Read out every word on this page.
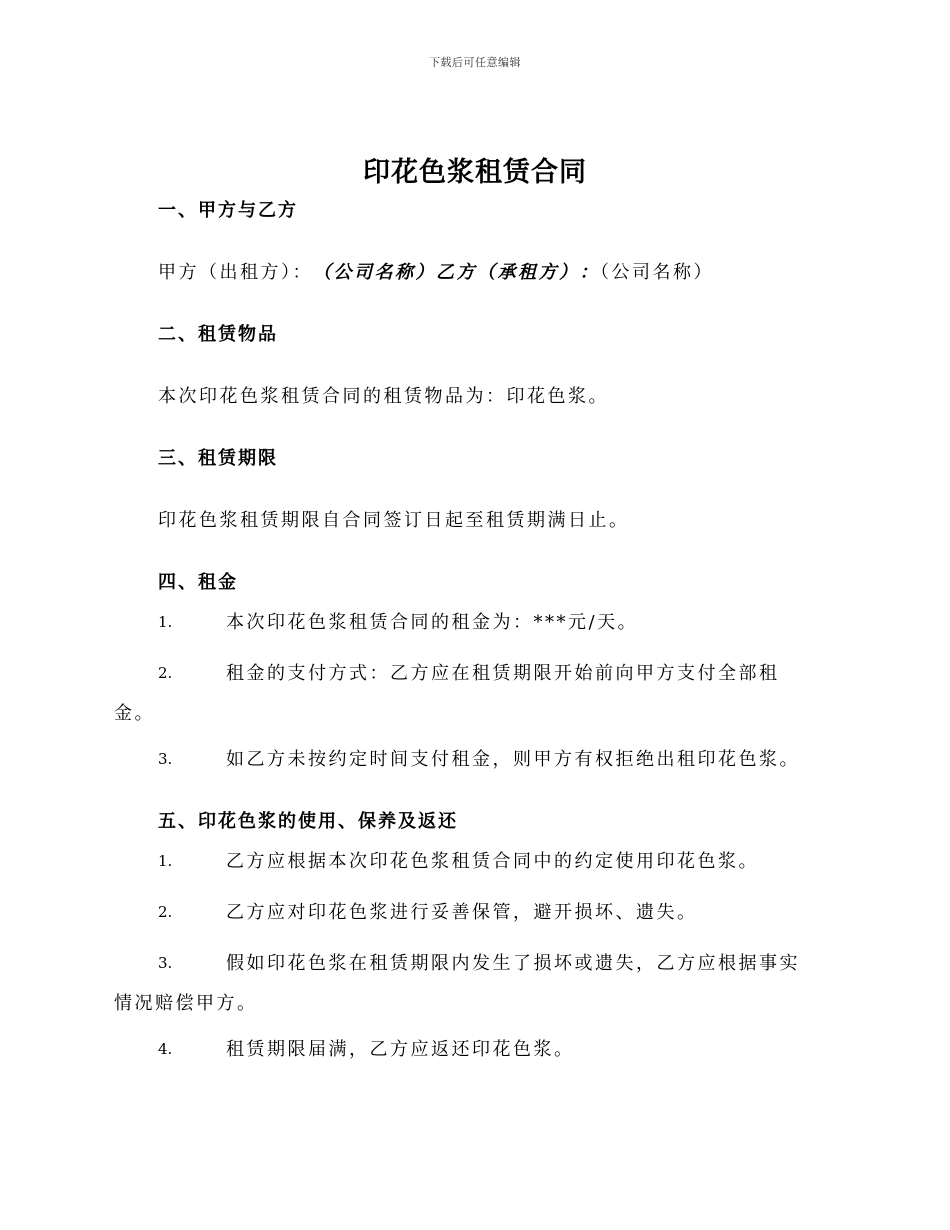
下载后可任意编辑
印花色浆租赁合同
一、甲方与乙方
甲方（出租方）：（公司名称）乙方（承租方）：（公司名称）
二、租赁物品
本次印花色浆租赁合同的租赁物品为：印花色浆。
三、租赁期限
印花色浆租赁期限自合同签订日起至租赁期满日止。
四、租金
1.	本次印花色浆租赁合同的租金为：***元/天。
2.	租金的支付方式：乙方应在租赁期限开始前向甲方支付全部租
金。
3.	如乙方未按约定时间支付租金，则甲方有权拒绝出租印花色浆。
五、印花色浆的使用、保养及返还
1.	乙方应根据本次印花色浆租赁合同中的约定使用印花色浆。
2.	乙方应对印花色浆进行妥善保管，避开损坏、遗失。
3.	假如印花色浆在租赁期限内发生了损坏或遗失，乙方应根据事实
情况赔偿甲方。
4.	租赁期限届满，乙方应返还印花色浆。
